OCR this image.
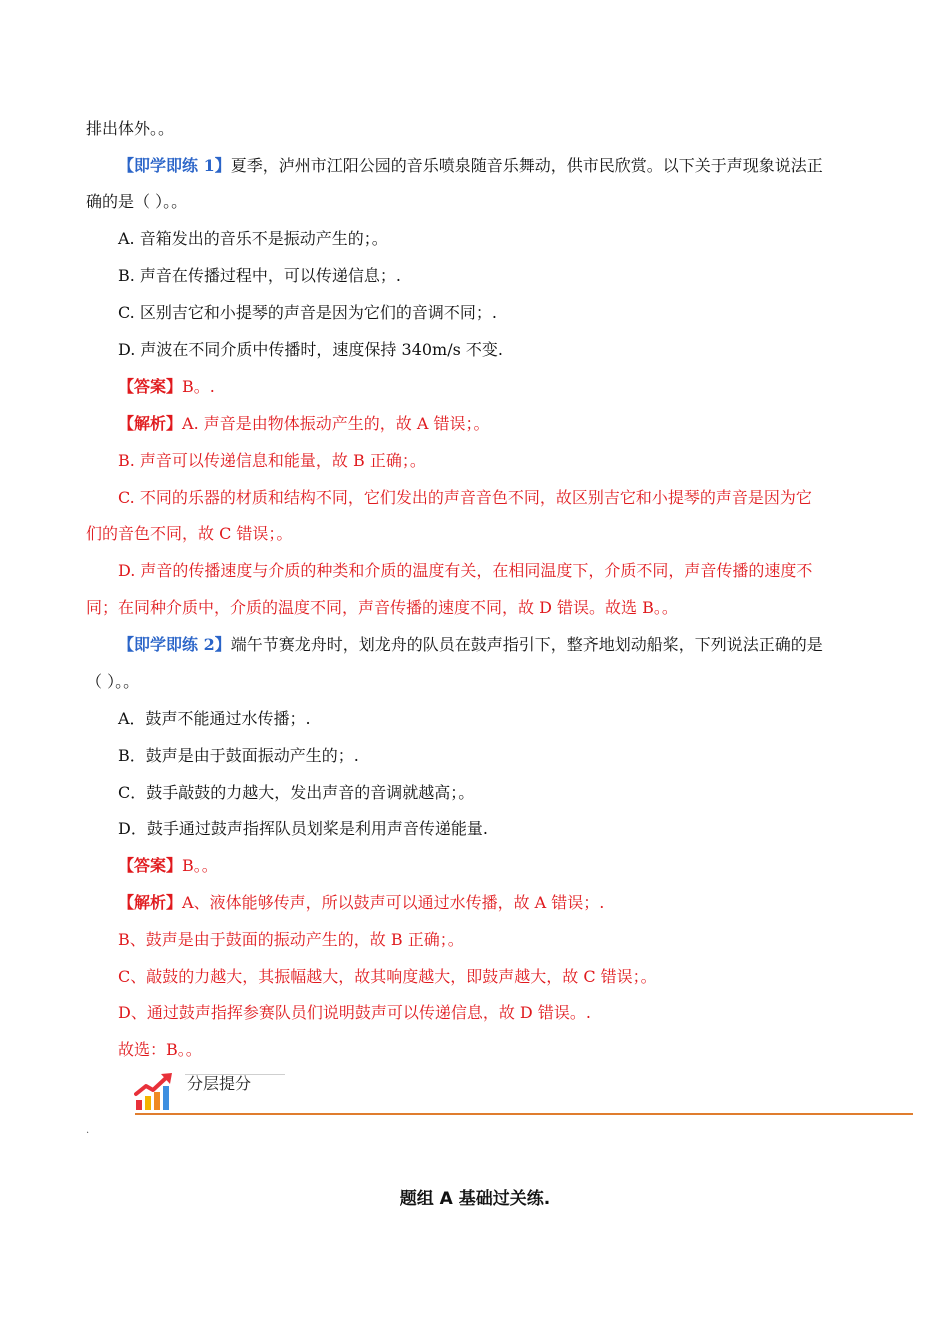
排出体外。。
【即学即练 1】夏季，泸州市江阳公园的音乐喷泉随音乐舞动，供市民欣赏。以下关于声现象说法正
确的是（ ）。。
A. 音箱发出的音乐不是振动产生的；。
B. 声音在传播过程中，可以传递信息；.
C. 区别吉它和小提琴的声音是因为它们的音调不同；.
D. 声波在不同介质中传播时，速度保持 340m/s 不变.
【答案】B。.
【解析】A. 声音是由物体振动产生的，故 A 错误；。
B. 声音可以传递信息和能量，故 B 正确；。
C. 不同的乐器的材质和结构不同，它们发出的声音音色不同，故区别吉它和小提琴的声音是因为它
们的音色不同，故 C 错误；。
D. 声音的传播速度与介质的种类和介质的温度有关，在相同温度下，介质不同，声音传播的速度不
同；在同种介质中，介质的温度不同，声音传播的速度不同，故 D 错误。故选 B。。
【即学即练 2】端午节赛龙舟时，划龙舟的队员在鼓声指引下，整齐地划动船桨，下列说法正确的是
（ ）。。
A．鼓声不能通过水传播；.
B．鼓声是由于鼓面振动产生的；.
C．鼓手敲鼓的力越大，发出声音的音调就越高；。
D．鼓手通过鼓声指挥队员划桨是利用声音传递能量.
【答案】B。。
【解析】A、液体能够传声，所以鼓声可以通过水传播，故 A 错误；.
B、鼓声是由于鼓面的振动产生的，故 B 正确；。
C、敲鼓的力越大，其振幅越大，故其响度越大，即鼓声越大，故 C 错误；。
D、通过鼓声指挥参赛队员们说明鼓声可以传递信息，故 D 错误。.
故选：B。。
分层提分
.
题组 A 基础过关练.
